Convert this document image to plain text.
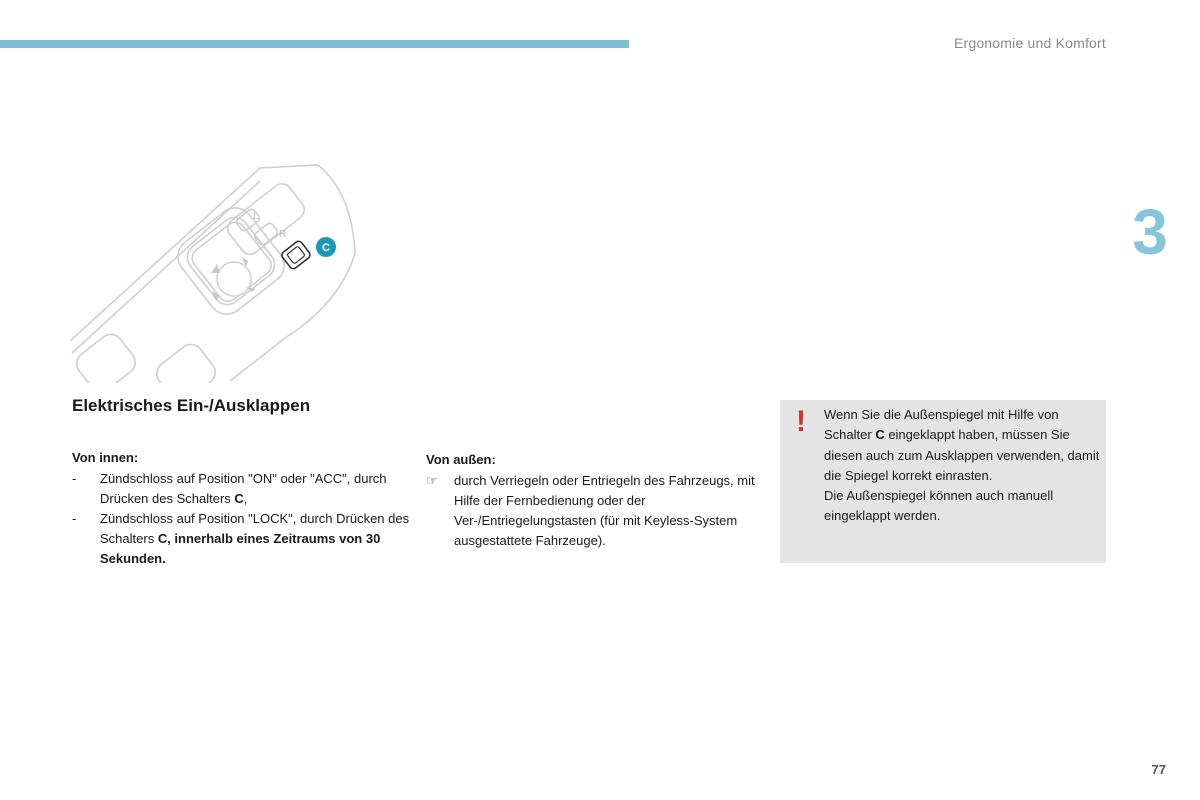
Ergonomie und Komfort
3
L
R
C
Elektrisches Ein-/Ausklappen

Von innen:

-	Zündschloss auf Position "ON" oder "ACC", durch Drücken des Schalters C,
-	Zündschloss auf Position "LOCK", durch Drücken des Schalters C, innerhalb eines Zeitraums von 30 Sekunden.

Von außen:

☞	durch Verriegeln oder Entriegeln des Fahrzeugs, mit Hilfe der Fernbedienung oder der Ver-/Entriegelungstasten (für mit Keyless-System ausgestattete Fahrzeuge).
! Wenn Sie die Außenspiegel mit Hilfe von Schalter C eingeklappt haben, müssen Sie diesen auch zum Ausklappen verwenden, damit die Spiegel korrekt einrasten.
Die Außenspiegel können auch manuell eingeklappt werden.
77
